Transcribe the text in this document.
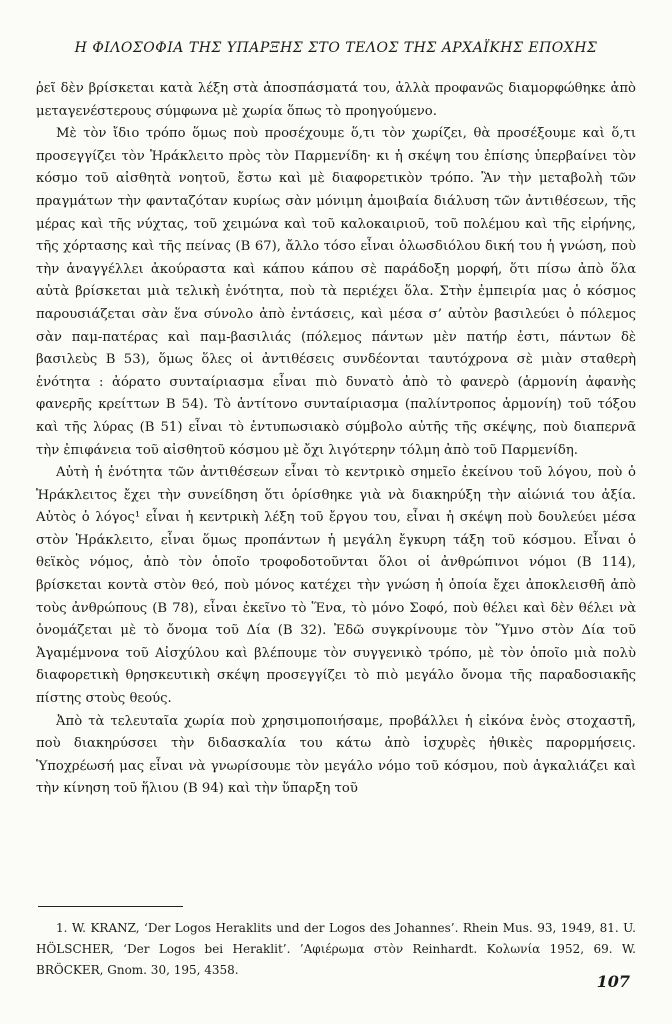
Η ΦΙΛΟΣΟΦΙΑ ΤΗΣ ΥΠΑΡΞΗΣ ΣΤΟ ΤΕΛΟΣ ΤΗΣ ΑΡΧΑΪΚΗΣ ΕΠΟΧΗΣ

ῥεῖ δὲν βρίσκεται κατὰ λέξη στὰ ἀποσπάσματά του, ἀλλὰ προφανῶς διαμορφώθηκε ἀπὸ μεταγενέστερους σύμφωνα μὲ χωρία ὅπως τὸ προηγούμενο.

Μὲ τὸν ἴδιο τρόπο ὅμως ποὺ προσέχουμε ὅ,τι τὸν χωρίζει, θὰ προσέξουμε καὶ ὅ,τι προσεγγίζει τὸν Ἡράκλειτο πρὸς τὸν Παρμενίδη· κι ἡ σκέψη του ἐπίσης ὑπερβαίνει τὸν κόσμο τοῦ αἰσθητὰ νοητοῦ, ἔστω καὶ μὲ διαφορετικὸν τρόπο. Ἂν τὴν μεταβολὴ τῶν πραγμάτων τὴν φανταζόταν κυρίως σὰν μόνιμη ἀμοιβαία διάλυση τῶν ἀντιθέσεων, τῆς μέρας καὶ τῆς νύχτας, τοῦ χειμώνα καὶ τοῦ καλοκαιριοῦ, τοῦ πολέμου καὶ τῆς εἰρήνης, τῆς χόρτασης καὶ τῆς πείνας (B 67), ἄλλο τόσο εἶναι ὁλωσδιόλου δική του ἡ γνώση, ποὺ τὴν ἀναγγέλλει ἀκούραστα καὶ κάπου κάπου σὲ παράδοξη μορφή, ὅτι πίσω ἀπὸ ὅλα αὐτὰ βρίσκεται μιὰ τελικὴ ἑνότητα, ποὺ τὰ περιέχει ὅλα. Στὴν ἐμπειρία μας ὁ κόσμος παρουσιάζεται σὰν ἕνα σύνολο ἀπὸ ἐντάσεις, καὶ μέσα σ’ αὐτὸν βασιλεύει ὁ πόλεμος σὰν παμ-πατέρας καὶ παμ-βασιλιάς (πόλεμος πάντων μὲν πατήρ ἐστι, πάντων δὲ βασιλεὺς B 53), ὅμως ὅλες οἱ ἀντιθέσεις συνδέονται ταυτόχρονα σὲ μιὰν σταθερὴ ἑνότητα : ἀόρατο συνταίριασμα εἶναι πιὸ δυνατὸ ἀπὸ τὸ φανερὸ (ἁρμονίη ἀφανὴς φανερῆς κρείττων B 54). Τὸ ἀντίτονο συνταίριασμα (παλίντροπος ἁρμονίη) τοῦ τόξου καὶ τῆς λύρας (B 51) εἶναι τὸ ἐντυπωσιακὸ σύμβολο αὐτῆς τῆς σκέψης, ποὺ διαπερνᾶ τὴν ἐπιφάνεια τοῦ αἰσθητοῦ κόσμου μὲ ὄχι λιγότερην τόλμη ἀπὸ τοῦ Παρμενίδη.

Αὐτὴ ἡ ἑνότητα τῶν ἀντιθέσεων εἶναι τὸ κεντρικὸ σημεῖο ἐκείνου τοῦ λόγου, ποὺ ὁ Ἡράκλειτος ἔχει τὴν συνείδηση ὅτι ὁρίσθηκε γιὰ νὰ διακηρύξη τὴν αἰώνιά του ἀξία. Αὐτὸς ὁ λόγος¹ εἶναι ἡ κεντρικὴ λέξη τοῦ ἔργου του, εἶναι ἡ σκέψη ποὺ δουλεύει μέσα στὸν Ἡράκλειτο, εἶναι ὅμως προπάντων ἡ μεγάλη ἔγκυρη τάξη τοῦ κόσμου. Εἶναι ὁ θεϊκὸς νόμος, ἀπὸ τὸν ὁποῖο τροφοδοτοῦνται ὅλοι οἱ ἀνθρώπινοι νόμοι (B 114), βρίσκεται κοντὰ στὸν θεό, ποὺ μόνος κατέχει τὴν γνώση ἡ ὁποία ἔχει ἀποκλεισθῆ ἀπὸ τοὺς ἀνθρώπους (B 78), εἶναι ἐκεῖνο τὸ Ἕνα, τὸ μόνο Σοφό, ποὺ θέλει καὶ δὲν θέλει νὰ ὀνομάζεται μὲ τὸ ὄνομα τοῦ Δία (B 32). Ἐδῶ συγκρίνουμε τὸν Ὕμνο στὸν Δία τοῦ Ἀγαμέμνονα τοῦ Αἰσχύλου καὶ βλέπουμε τὸν συγγενικὸ τρόπο, μὲ τὸν ὁποῖο μιὰ πολὺ διαφορετικὴ θρησκευτικὴ σκέψη προσεγγίζει τὸ πιὸ μεγάλο ὄνομα τῆς παραδοσιακῆς πίστης στοὺς θεούς.

Ἀπὸ τὰ τελευταῖα χωρία ποὺ χρησιμοποιήσαμε, προβάλλει ἡ εἰκόνα ἑνὸς στοχαστῆ, ποὺ διακηρύσσει τὴν διδασκαλία του κάτω ἀπὸ ἰσχυρὲς ἠθικὲς παρορμήσεις. Ὑποχρέωσή μας εἶναι νὰ γνωρίσουμε τὸν μεγάλο νόμο τοῦ κόσμου, ποὺ ἀγκαλιάζει καὶ τὴν κίνηση τοῦ ἥλιου (B 94) καὶ τὴν ὕπαρξη τοῦ

1. W. KRANZ, ‘Der Logos Heraklits und der Logos des Johannes’. Rhein Mus. 93, 1949, 81. U. HÖLSCHER, ‘Der Logos bei Heraklit’. ’Αφιέρωμα στὸν Reinhardt. Κολωνία 1952, 69. W. BRÖCKER, Gnom. 30, 195, 4358.

107
